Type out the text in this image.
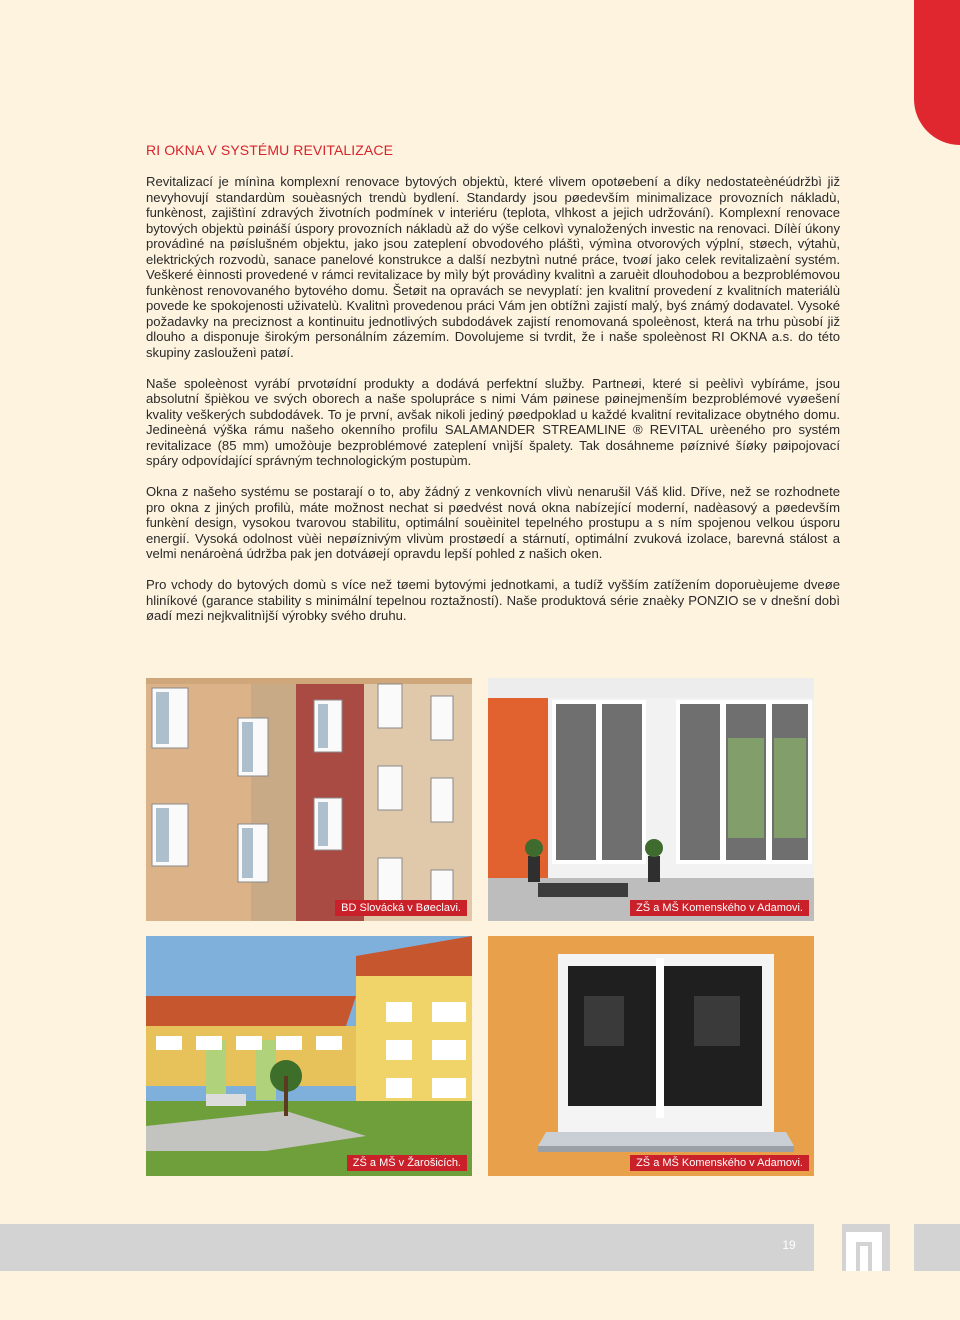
RI OKNA V SYSTÉMU REVITALIZACE

Revitalizací je mínìna komplexní renovace bytových objektù, které vlivem opotøebení a díky nedostateènéúdržbì již nevyhovují standardùm souèasných trendù bydlení. Standardy jsou pøedevším minimalizace provozních nákladù, funkènost, zajištìní zdravých životních podmínek v interiéru (teplota, vlhkost a jejich udržování). Komplexní renovace bytových objektù pøináší úspory provozních nákladù až do výše celkovì vynaložených investic na renovaci. Dílèí úkony provádìné na pøíslušném objektu, jako jsou zateplení obvodového pláštì, výmìna otvorových výplní, støech, výtahù, elektrických rozvodù, sanace panelové konstrukce a další nezbytnì nutné práce, tvoøí jako celek revitalizaèní systém. Veškeré èinnosti provedené v rámci revitalizace by mìly být provádìny kvalitnì a zaruèit dlouhodobou a bezproblémovou funkènost renovovaného bytového domu. Šetøit na opravách se nevyplatí: jen kvalitní provedení z kvalitních materiálù povede ke spokojenosti uživatelù. Kvalitnì provedenou práci Vám jen obtížnì zajistí malý, byś známý dodavatel. Vysoké požadavky na preciznost a kontinuitu jednotlivých subdodávek zajistí renomovaná spoleènost, která na trhu pùsobí již dlouho a disponuje širokým personálním zázemím. Dovolujeme si tvrdit, že i naše spoleènost RI OKNA a.s. do této skupiny zaslouženì patøí.

Naše spoleènost vyrábí prvotøídní produkty a dodává perfektní služby. Partneøi, které si peèlivì vybíráme, jsou absolutní špièkou ve svých oborech a naše spolupráce s nimi Vám pøinese pøinejmenším bezproblémové vyøešení kvality veškerých subdodávek. To je první, avšak nikoli jediný pøedpoklad u každé kvalitní revitalizace obytného domu. Jedineèná výška rámu našeho okenního profilu SALAMANDER STREAMLINE ® REVITAL urèeného pro systém revitalizace (85 mm) umožòuje bezproblémové zateplení vnìjší špalety. Tak dosáhneme pøíznivé šíøky pøipojovací spáry odpovídající správným technologickým postupùm.

Okna z našeho systému se postarají o to, aby žádný z venkovních vlivù nenarušil Váš klid. Dříve, než se rozhodnete pro okna z jiných profilù, máte možnost nechat si pøedvést nová okna nabízející moderní, nadèasový a pøedevším funkèní design, vysokou tvarovou stabilitu, optimální souèinitel tepelného prostupu a s ním spojenou velkou úsporu energií. Vysoká odolnost vùèi nepøíznivým vlivùm prostøedí a stárnutí, optimální zvuková izolace, barevná stálost a velmi nenároèná údržba pak jen dotváøejí opravdu lepší pohled z našich oken.

Pro vchody do bytových domù s více než tøemi bytovými jednotkami, a tudíž vyšším zatížením doporuèujeme dveøe hliníkové (garance stability s minimální tepelnou roztažností). Naše produktová série znaèky PONZIO se v dnešní dobì øadí mezi nejkvalitnìjší výrobky svého druhu.

BD Slovácká v Bøeclavi.	ZŠ a MŠ Komenského v Adamovi.
ZŠ a MŠ v Žarošicích.	ZŠ a MŠ Komenského v Adamovi.
19
